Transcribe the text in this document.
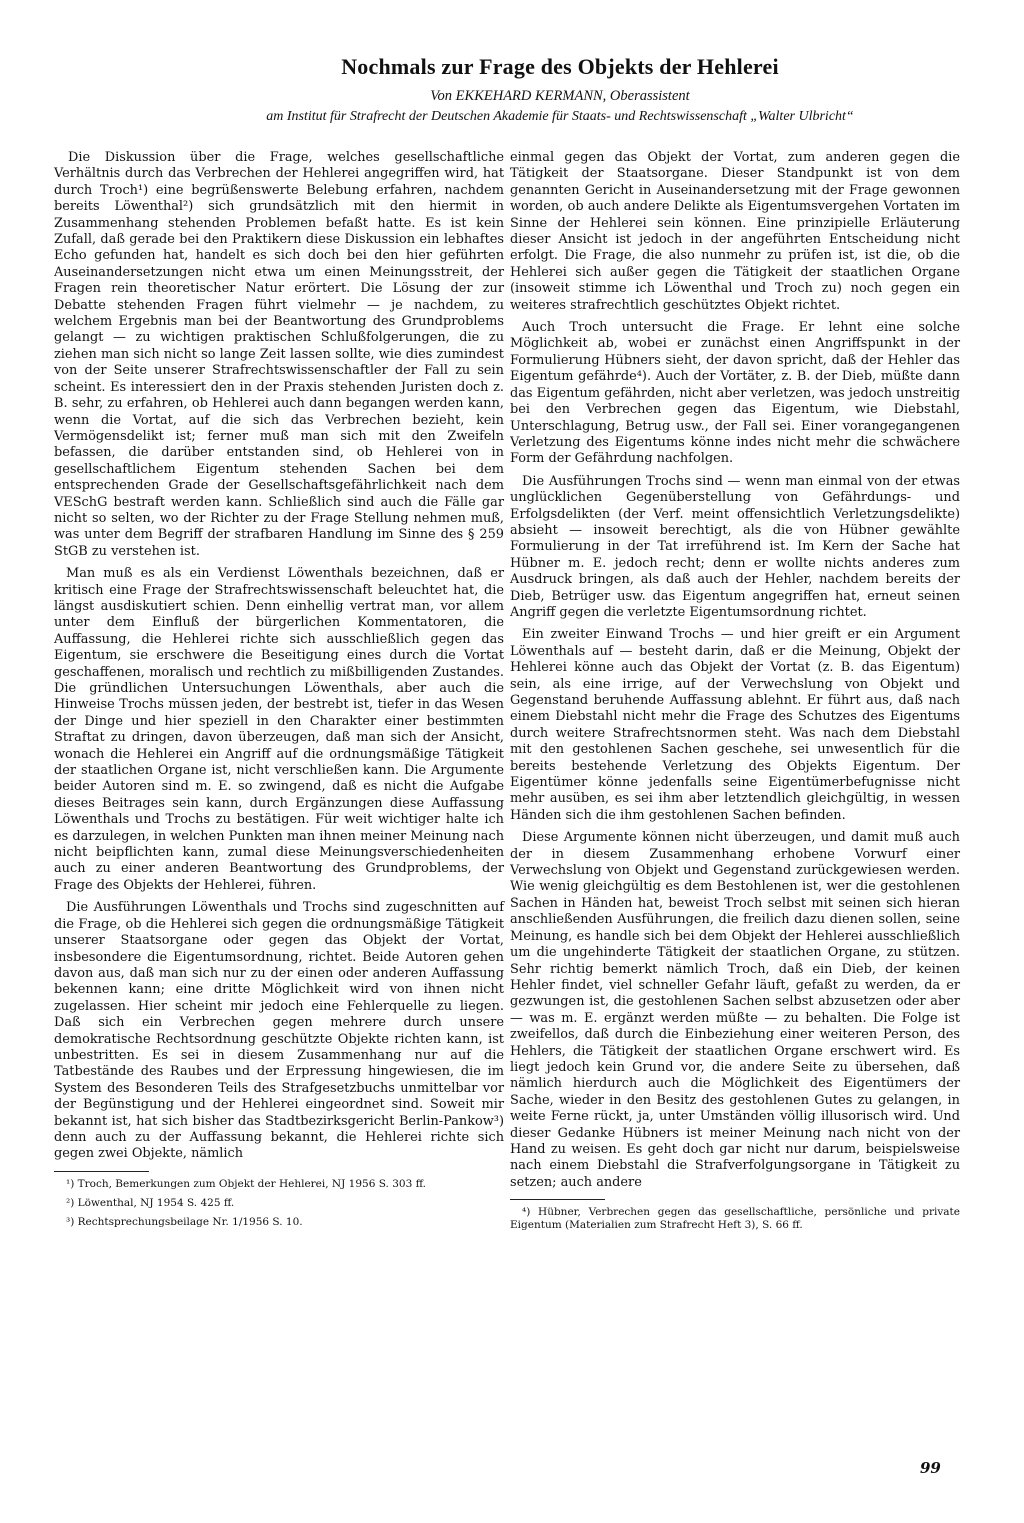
Nochmals zur Frage des Objekts der Hehlerei
Von EKKEHARD KERMANN, Oberassistent
am Institut für Strafrecht der Deutschen Akademie für Staats- und Rechtswissenschaft „Walter Ulbricht“

Die Diskussion über die Frage, welches gesellschaftliche Verhältnis durch das Verbrechen der Hehlerei angegriffen wird, hat durch Troch¹) eine begrüßenswerte Belebung erfahren, nachdem bereits Löwenthal²) sich grundsätzlich mit den hiermit in Zusammenhang stehenden Problemen befaßt hatte. Es ist kein Zufall, daß gerade bei den Praktikern diese Diskussion ein lebhaftes Echo gefunden hat, handelt es sich doch bei den hier geführten Auseinandersetzungen nicht etwa um einen Meinungsstreit, der Fragen rein theoretischer Natur erörtert. Die Lösung der zur Debatte stehenden Fragen führt vielmehr — je nachdem, zu welchem Ergebnis man bei der Beantwortung des Grundproblems gelangt — zu wichtigen praktischen Schlußfolgerungen, die zu ziehen man sich nicht so lange Zeit lassen sollte, wie dies zumindest von der Seite unserer Strafrechtswissenschaftler der Fall zu sein scheint. Es interessiert den in der Praxis stehenden Juristen doch z. B. sehr, zu erfahren, ob Hehlerei auch dann begangen werden kann, wenn die Vortat, auf die sich das Verbrechen bezieht, kein Vermögensdelikt ist; ferner muß man sich mit den Zweifeln befassen, die darüber entstanden sind, ob Hehlerei von in gesellschaftlichem Eigentum stehenden Sachen bei dem entsprechenden Grade der Gesellschaftsgefährlichkeit nach dem VESchG bestraft werden kann. Schließlich sind auch die Fälle gar nicht so selten, wo der Richter zu der Frage Stellung nehmen muß, was unter dem Begriff der strafbaren Handlung im Sinne des § 259 StGB zu verstehen ist.

Man muß es als ein Verdienst Löwenthals bezeichnen, daß er kritisch eine Frage der Strafrechtswissenschaft beleuchtet hat, die längst ausdiskutiert schien. Denn einhellig vertrat man, vor allem unter dem Einfluß der bürgerlichen Kommentatoren, die Auffassung, die Hehlerei richte sich ausschließlich gegen das Eigentum, sie erschwere die Beseitigung eines durch die Vortat geschaffenen, moralisch und rechtlich zu mißbilligenden Zustandes. Die gründlichen Untersuchungen Löwenthals, aber auch die Hinweise Trochs müssen jeden, der bestrebt ist, tiefer in das Wesen der Dinge und hier speziell in den Charakter einer bestimmten Straftat zu dringen, davon überzeugen, daß man sich der Ansicht, wonach die Hehlerei ein Angriff auf die ordnungsmäßige Tätigkeit der staatlichen Organe ist, nicht verschließen kann. Die Argumente beider Autoren sind m. E. so zwingend, daß es nicht die Aufgabe dieses Beitrages sein kann, durch Ergänzungen diese Auffassung Löwenthals und Trochs zu bestätigen. Für weit wichtiger halte ich es darzulegen, in welchen Punkten man ihnen meiner Meinung nach nicht beipflichten kann, zumal diese Meinungsverschiedenheiten auch zu einer anderen Beantwortung des Grundproblems, der Frage des Objekts der Hehlerei, führen.

Die Ausführungen Löwenthals und Trochs sind zugeschnitten auf die Frage, ob die Hehlerei sich gegen die ordnungsmäßige Tätigkeit unserer Staatsorgane oder gegen das Objekt der Vortat, insbesondere die Eigentumsordnung, richtet. Beide Autoren gehen davon aus, daß man sich nur zu der einen oder anderen Auffassung bekennen kann; eine dritte Möglichkeit wird von ihnen nicht zugelassen. Hier scheint mir jedoch eine Fehlerquelle zu liegen. Daß sich ein Verbrechen gegen mehrere durch unsere demokratische Rechtsordnung geschützte Objekte richten kann, ist unbestritten. Es sei in diesem Zusammenhang nur auf die Tatbestände des Raubes und der Erpressung hingewiesen, die im System des Besonderen Teils des Strafgesetzbuchs unmittelbar vor der Begünstigung und der Hehlerei eingeordnet sind. Soweit mir bekannt ist, hat sich bisher das Stadtbezirksgericht Berlin-Pankow³) denn auch zu der Auffassung bekannt, die Hehlerei richte sich gegen zwei Objekte, nämlich

¹) Troch, Bemerkungen zum Objekt der Hehlerei, NJ 1956 S. 303 ff.

²) Löwenthal, NJ 1954 S. 425 ff.

³) Rechtsprechungsbeilage Nr. 1/1956 S. 10.

einmal gegen das Objekt der Vortat, zum anderen gegen die Tätigkeit der Staatsorgane. Dieser Standpunkt ist von dem genannten Gericht in Auseinandersetzung mit der Frage gewonnen worden, ob auch andere Delikte als Eigentumsvergehen Vortaten im Sinne der Hehlerei sein können. Eine prinzipielle Erläuterung dieser Ansicht ist jedoch in der angeführten Entscheidung nicht erfolgt. Die Frage, die also nunmehr zu prüfen ist, ist die, ob die Hehlerei sich außer gegen die Tätigkeit der staatlichen Organe (insoweit stimme ich Löwenthal und Troch zu) noch gegen ein weiteres strafrechtlich geschütztes Objekt richtet.

Auch Troch untersucht die Frage. Er lehnt eine solche Möglichkeit ab, wobei er zunächst einen Angriffspunkt in der Formulierung Hübners sieht, der davon spricht, daß der Hehler das Eigentum gefährde⁴). Auch der Vortäter, z. B. der Dieb, müßte dann das Eigentum gefährden, nicht aber verletzen, was jedoch unstreitig bei den Verbrechen gegen das Eigentum, wie Diebstahl, Unterschlagung, Betrug usw., der Fall sei. Einer vorangegangenen Verletzung des Eigentums könne indes nicht mehr die schwächere Form der Gefährdung nachfolgen.

Die Ausführungen Trochs sind — wenn man einmal von der etwas unglücklichen Gegenüberstellung von Gefährdungs- und Erfolgsdelikten (der Verf. meint offensichtlich Verletzungsdelikte) absieht — insoweit berechtigt, als die von Hübner gewählte Formulierung in der Tat irreführend ist. Im Kern der Sache hat Hübner m. E. jedoch recht; denn er wollte nichts anderes zum Ausdruck bringen, als daß auch der Hehler, nachdem bereits der Dieb, Betrüger usw. das Eigentum angegriffen hat, erneut seinen Angriff gegen die verletzte Eigentumsordnung richtet.

Ein zweiter Einwand Trochs — und hier greift er ein Argument Löwenthals auf — besteht darin, daß er die Meinung, Objekt der Hehlerei könne auch das Objekt der Vortat (z. B. das Eigentum) sein, als eine irrige, auf der Verwechslung von Objekt und Gegenstand beruhende Auffassung ablehnt. Er führt aus, daß nach einem Diebstahl nicht mehr die Frage des Schutzes des Eigentums durch weitere Strafrechtsnormen steht. Was nach dem Diebstahl mit den gestohlenen Sachen geschehe, sei unwesentlich für die bereits bestehende Verletzung des Objekts Eigentum. Der Eigentümer könne jedenfalls seine Eigentümerbefugnisse nicht mehr ausüben, es sei ihm aber letztendlich gleichgültig, in wessen Händen sich die ihm gestohlenen Sachen befinden.

Diese Argumente können nicht überzeugen, und damit muß auch der in diesem Zusammenhang erhobene Vorwurf einer Verwechslung von Objekt und Gegenstand zurückgewiesen werden. Wie wenig gleichgültig es dem Bestohlenen ist, wer die gestohlenen Sachen in Händen hat, beweist Troch selbst mit seinen sich hieran anschließenden Ausführungen, die freilich dazu dienen sollen, seine Meinung, es handle sich bei dem Objekt der Hehlerei ausschließlich um die ungehinderte Tätigkeit der staatlichen Organe, zu stützen. Sehr richtig bemerkt nämlich Troch, daß ein Dieb, der keinen Hehler findet, viel schneller Gefahr läuft, gefaßt zu werden, da er gezwungen ist, die gestohlenen Sachen selbst abzusetzen oder aber — was m. E. ergänzt werden müßte — zu behalten. Die Folge ist zweifellos, daß durch die Einbeziehung einer weiteren Person, des Hehlers, die Tätigkeit der staatlichen Organe erschwert wird. Es liegt jedoch kein Grund vor, die andere Seite zu übersehen, daß nämlich hierdurch auch die Möglichkeit des Eigentümers der Sache, wieder in den Besitz des gestohlenen Gutes zu gelangen, in weite Ferne rückt, ja, unter Umständen völlig illusorisch wird. Und dieser Gedanke Hübners ist meiner Meinung nach nicht von der Hand zu weisen. Es geht doch gar nicht nur darum, beispielsweise nach einem Diebstahl die Strafverfolgungsorgane in Tätigkeit zu setzen; auch andere

⁴) Hübner, Verbrechen gegen das gesellschaftliche, persönliche und private Eigentum (Materialien zum Strafrecht Heft 3), S. 66 ff.

99
